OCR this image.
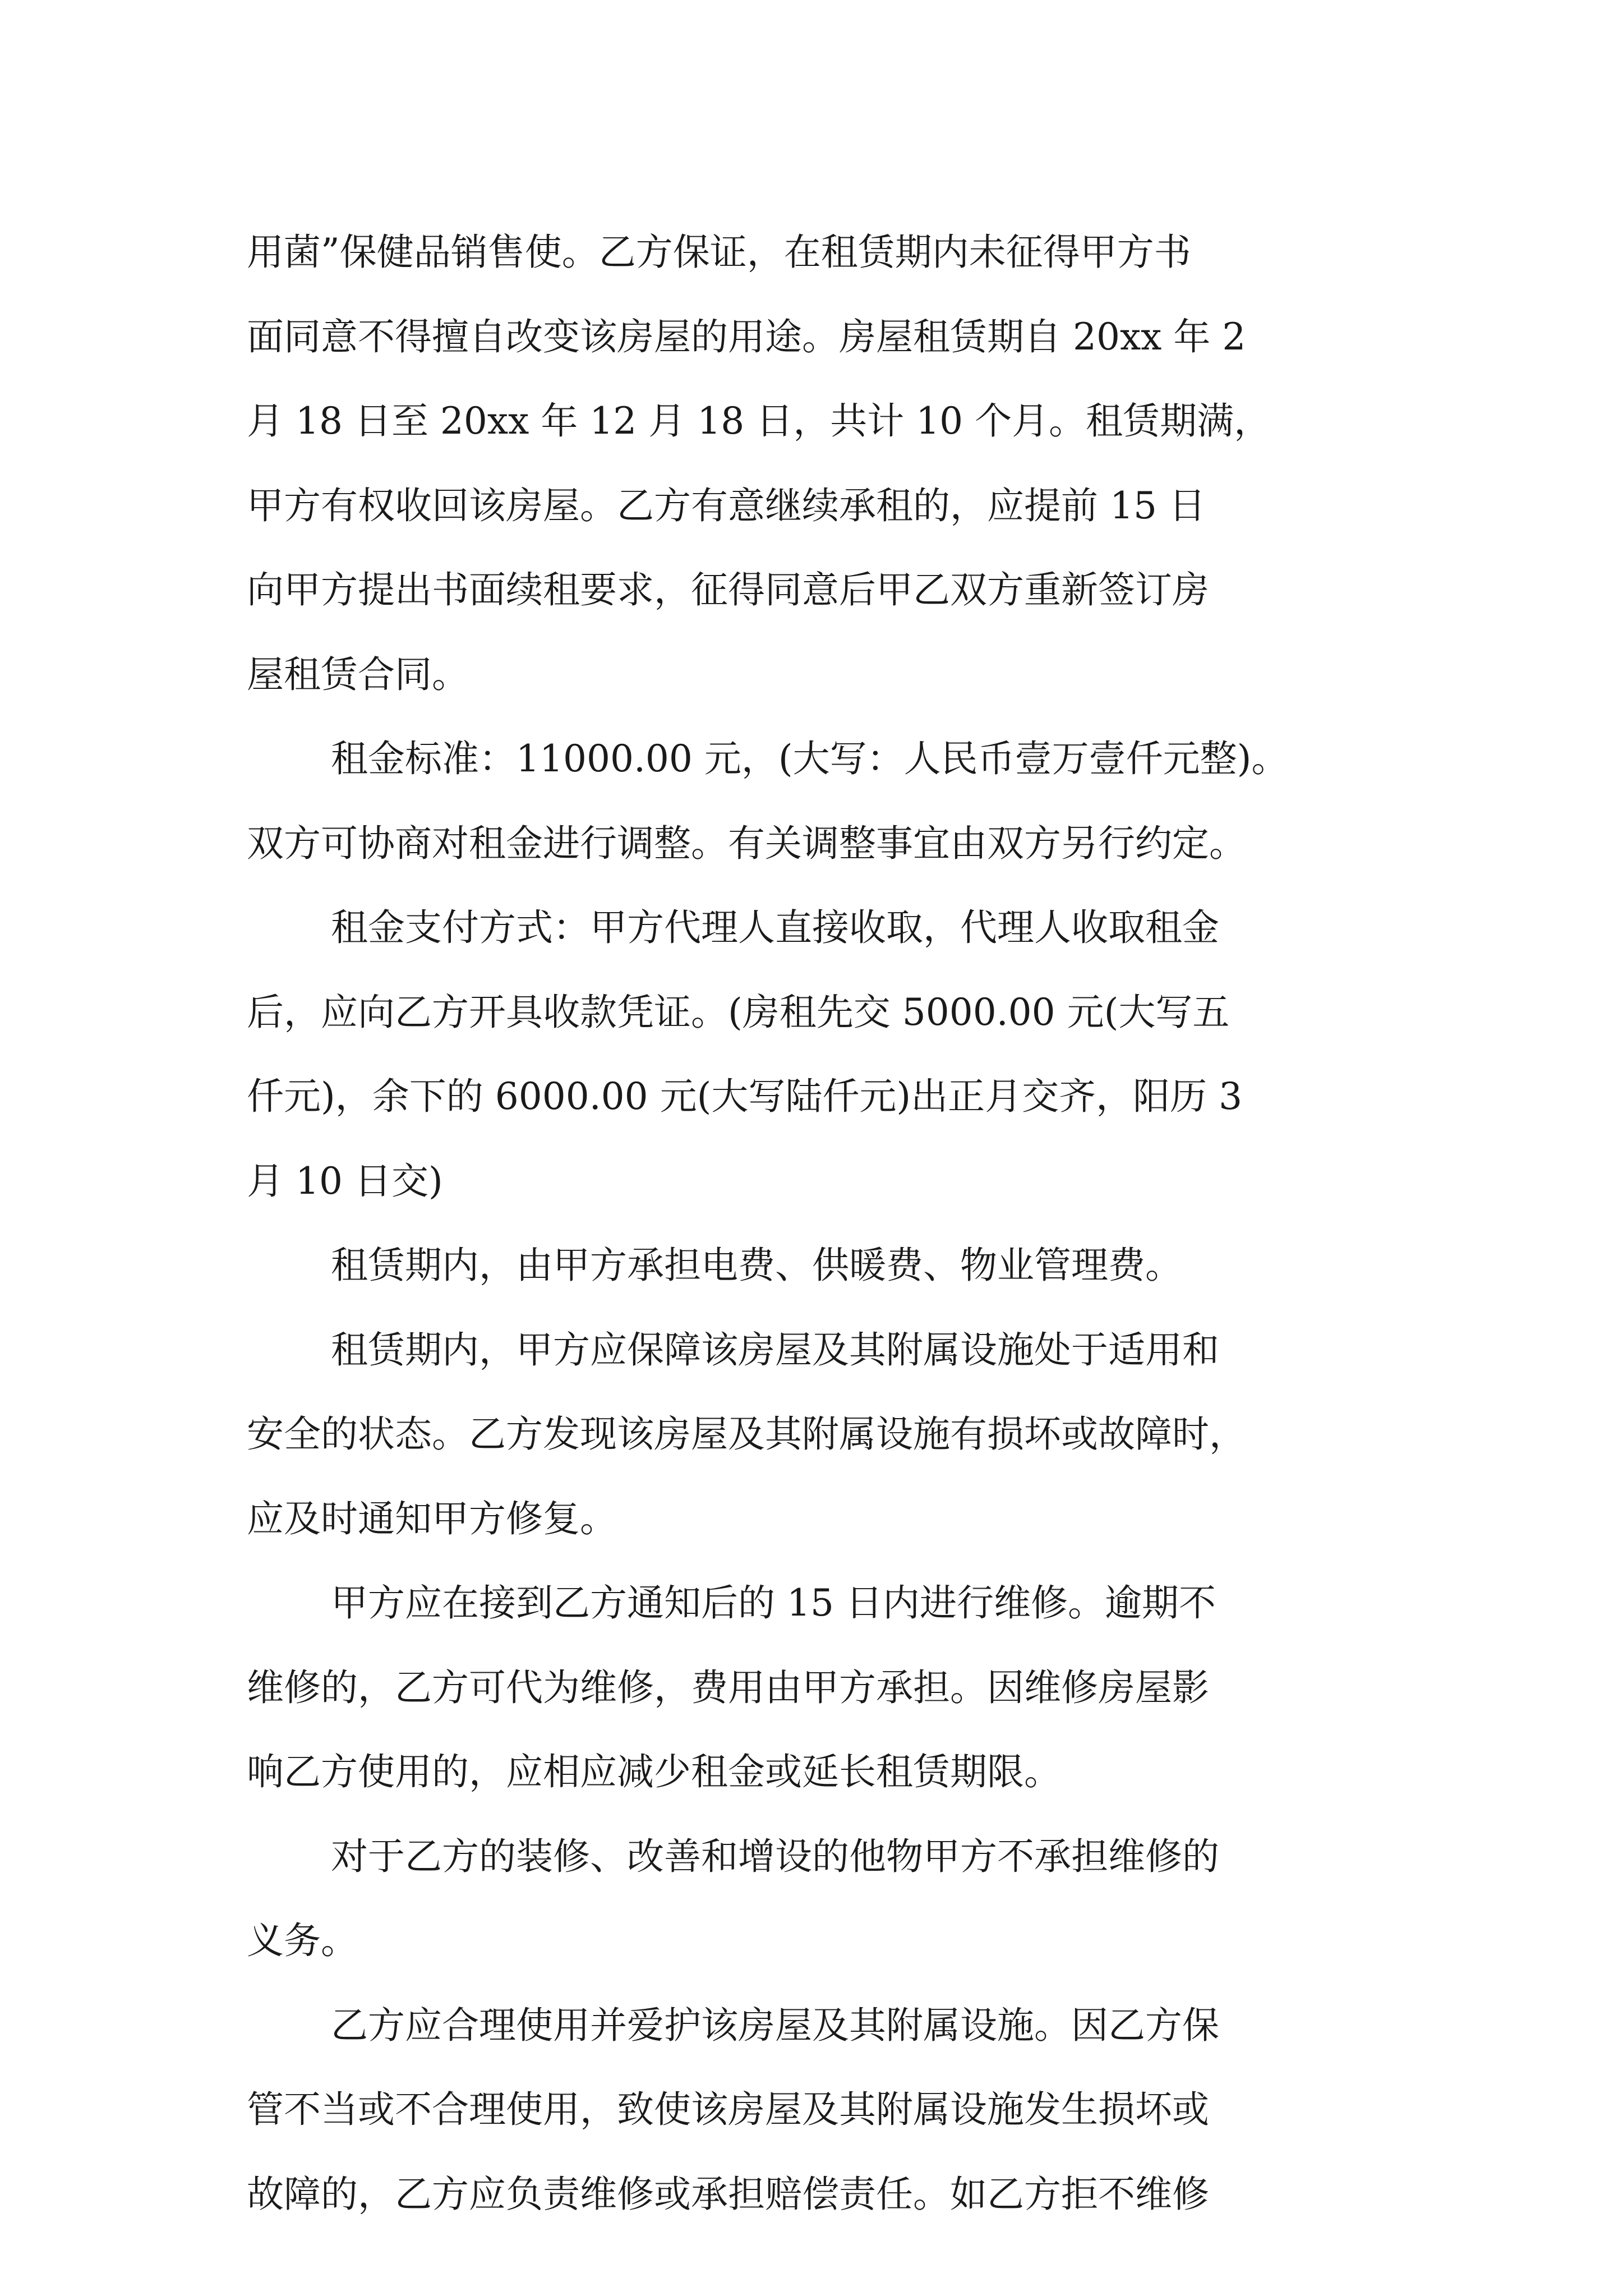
用菌”保健品销售使。乙方保证，在租赁期内未征得甲方书
面同意不得擅自改变该房屋的用途。房屋租赁期自 20xx 年 2
月 18 日至 20xx 年 12 月 18 日，共计 10 个月。租赁期满，
甲方有权收回该房屋。乙方有意继续承租的，应提前 15 日
向甲方提出书面续租要求，征得同意后甲乙双方重新签订房
屋租赁合同。
租金标准：11000.00 元，(大写：人民币壹万壹仟元整)。
双方可协商对租金进行调整。有关调整事宜由双方另行约定。
租金支付方式：甲方代理人直接收取，代理人收取租金
后，应向乙方开具收款凭证。(房租先交 5000.00 元(大写五
仟元)，余下的 6000.00 元(大写陆仟元)出正月交齐，阳历 3
月 10 日交)
租赁期内，由甲方承担电费、供暖费、物业管理费。
租赁期内，甲方应保障该房屋及其附属设施处于适用和
安全的状态。乙方发现该房屋及其附属设施有损坏或故障时，
应及时通知甲方修复。
甲方应在接到乙方通知后的 15 日内进行维修。逾期不
维修的，乙方可代为维修，费用由甲方承担。因维修房屋影
响乙方使用的，应相应减少租金或延长租赁期限。
对于乙方的装修、改善和增设的他物甲方不承担维修的
义务。
乙方应合理使用并爱护该房屋及其附属设施。因乙方保
管不当或不合理使用，致使该房屋及其附属设施发生损坏或
故障的，乙方应负责维修或承担赔偿责任。如乙方拒不维修
